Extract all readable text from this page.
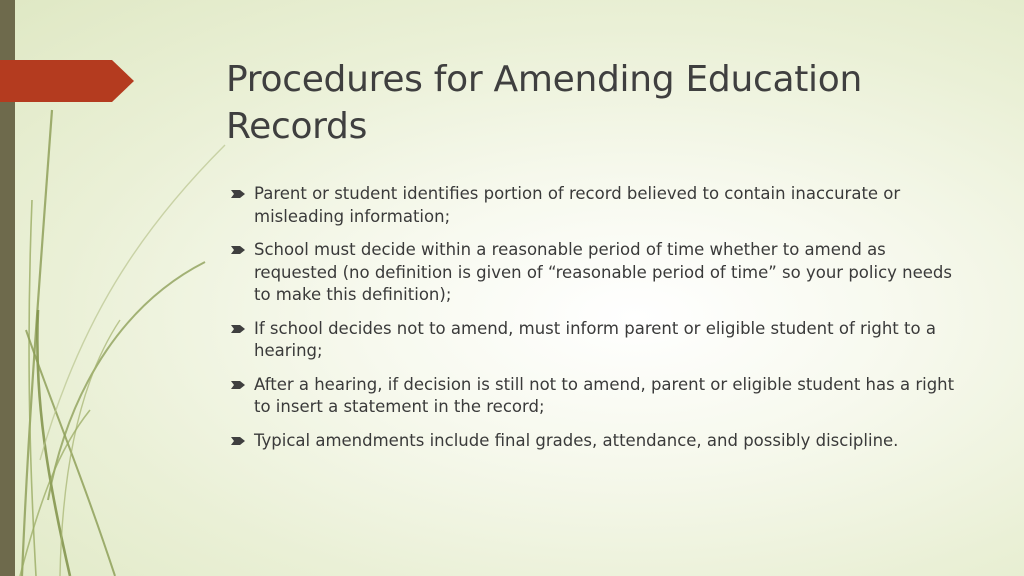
Procedures for Amending Education Records
Parent or student identifies portion of record believed to contain inaccurate or misleading information;
School must decide within a reasonable period of time whether to amend as requested (no definition is given of “reasonable period of time” so your policy needs to make this definition);
If school decides not to amend, must inform parent or eligible student of right to a hearing;
After a hearing, if decision is still not to amend, parent or eligible student has a right to insert a statement in the record;
Typical amendments include final grades, attendance, and possibly discipline.
